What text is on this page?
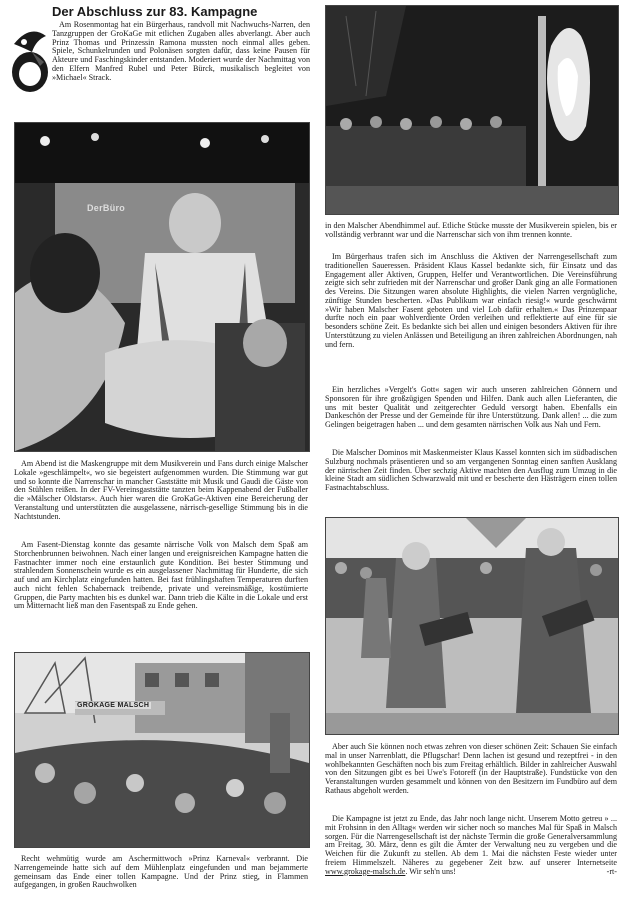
Der Abschluss zur 83. Kampagne

Am Rosenmontag hat ein Bürgerhaus, randvoll mit Nachwuchs-Narren, den Tanzgruppen der GroKaGe mit etlichen Zugaben alles abverlangt. Aber auch Prinz Thomas und Prinzessin Ramona mussten noch einmal alles geben. Spiele, Schunkelrunden und Polonäsen sorgten dafür, dass keine Pausen für Akteure und Faschingskinder entstanden. Moderiert wurde der Nachmittag von den Elfern Manfred Rubel und Peter Bürck, musikalisch begleitet von »Michael« Strack.

DerBüro

Am Abend ist die Maskengruppe mit dem Musikverein und Fans durch einige Malscher Lokale »geschlämpelt«, wo sie begeistert aufgenommen wurden. Die Stimmung war gut und so konnte die Narrenschar in mancher Gaststätte mit Musik und Gaudi die Gäste von den Stühlen reißen. In der FV-Vereinsgaststätte tanzten beim Kappenabend der Fußballer die »Mälscher Oldstars«. Auch hier waren die GroKaGe-Aktiven eine Bereicherung der Veranstaltung und unterstützten die ausgelassene, närrisch-gesellige Stimmung bis in die Nachtstunden.

Am Fasent-Dienstag konnte das gesamte närrische Volk von Malsch dem Spaß am Storchenbrunnen beiwohnen. Nach einer langen und ereignisreichen Kampagne hatten die Fastnachter immer noch eine erstaunlich gute Kondition. Bei bester Stimmung und strahlendem Sonnenschein wurde es ein ausgelassener Nachmittag für Hunderte, die sich auf und am Kirchplatz eingefunden hatten. Bei fast frühlingshaften Temperaturen durften auch nicht fehlen Schabernack treibende, private und vereinsmäßige, kostümierte Gruppen, die Party machten bis es dunkel war. Dann trieb die Kälte in die Lokale und erst um Mitternacht ließ man den Fasentspaß zu Ende gehen.

GROKAGE MALSCH

Recht wehmütig wurde am Aschermittwoch »Prinz Karneval« verbrannt. Die Narrengemeinde hatte sich auf dem Mühlenplatz eingefunden und man bejammerte gemeinsam das Ende einer tollen Kampagne. Und der Prinz stieg, in Flammen aufgegangen, in großen Rauchwolken

in den Malscher Abendhimmel auf. Etliche Stücke musste der Musikverein spielen, bis er vollständig verbrannt war und die Narrenschar sich von ihm trennen konnte.

Im Bürgerhaus trafen sich im Anschluss die Aktiven der Narrengesellschaft zum traditionellen Saueressen. Präsident Klaus Kassel bedankte sich, für Einsatz und das Engagement aller Aktiven, Gruppen, Helfer und Verantwortlichen. Die Vereinsführung zeigte sich sehr zufrieden mit der Narrenschar und großer Dank ging an alle Formationen des Vereins. Die Sitzungen waren absolute Highlights, die vielen Narren vergnügliche, zünftige Stunden bescherten. »Das Publikum war einfach riesig!« wurde geschwärmt »Wir haben Malscher Fasent geboten und viel Lob dafür erhalten.« Das Prinzenpaar durfte noch ein paar wohlverdiente Orden verleihen und reflektierte auf eine für sie besonders schöne Zeit. Es bedankte sich bei allen und einigen besonders Aktiven für ihre Unterstützung zu vielen Anlässen und Beteiligung an ihren zahlreichen Abordnungen, nah und fern.

Ein herzliches »Vergelt's Gott« sagen wir auch unseren zahlreichen Gönnern und Sponsoren für ihre großzügigen Spenden und Hilfen. Dank auch allen Lieferanten, die uns mit bester Qualität und zeitgerechter Geduld versorgt haben. Ebenfalls ein Dankeschön der Presse und der Gemeinde für ihre Unterstützung. Dank allen! ... die zum Gelingen beigetragen haben ... und dem gesamten närrischen Volk aus Nah und Fern.

Die Malscher Dominos mit Maskenmeister Klaus Kassel konnten sich im südbadischen Sulzburg nochmals präsentieren und so am vergangenen Sonntag einen sanften Ausklang der närrischen Zeit finden. Über sechzig Aktive machten den Ausflug zum Umzug in die kleine Stadt am südlichen Schwarzwald mit und er bescherte den Hästrägern einen tollen Fastnachtabschluss.

Aber auch Sie können noch etwas zehren von dieser schönen Zeit: Schauen Sie einfach mal in unser Narrenblatt, die Pflugschar! Denn lachen ist gesund und rezeptfrei - in den wohlbekannten Geschäften noch bis zum Freitag erhältlich. Bilder in zahlreicher Auswahl von den Sitzungen gibt es bei Uwe's Fotoreff (in der Hauptstraße). Fundstücke von den Veranstaltungen wurden gesammelt und können von den Besitzern im Fundbüro auf dem Rathaus abgeholt werden.

Die Kampagne ist jetzt zu Ende, das Jahr noch lange nicht. Unserem Motto getreu » ... mit Frohsinn in den Alltag« werden wir sicher noch so manches Mal für Spaß in Malsch sorgen. Für die Narrengesellschaft ist der nächste Termin die große Generalversammlung am Freitag, 30. März, denn es gilt die Ämter der Verwaltung neu zu vergeben und die Weichen für die Zukunft zu stellen. Ab dem 1. Mai die nächsten Feste wieder unter freiem Himmelszelt. Näheres zu gegebener Zeit bzw. auf unserer Internetseite www.grokage-malsch.de. Wir seh'n uns!	-rt-
